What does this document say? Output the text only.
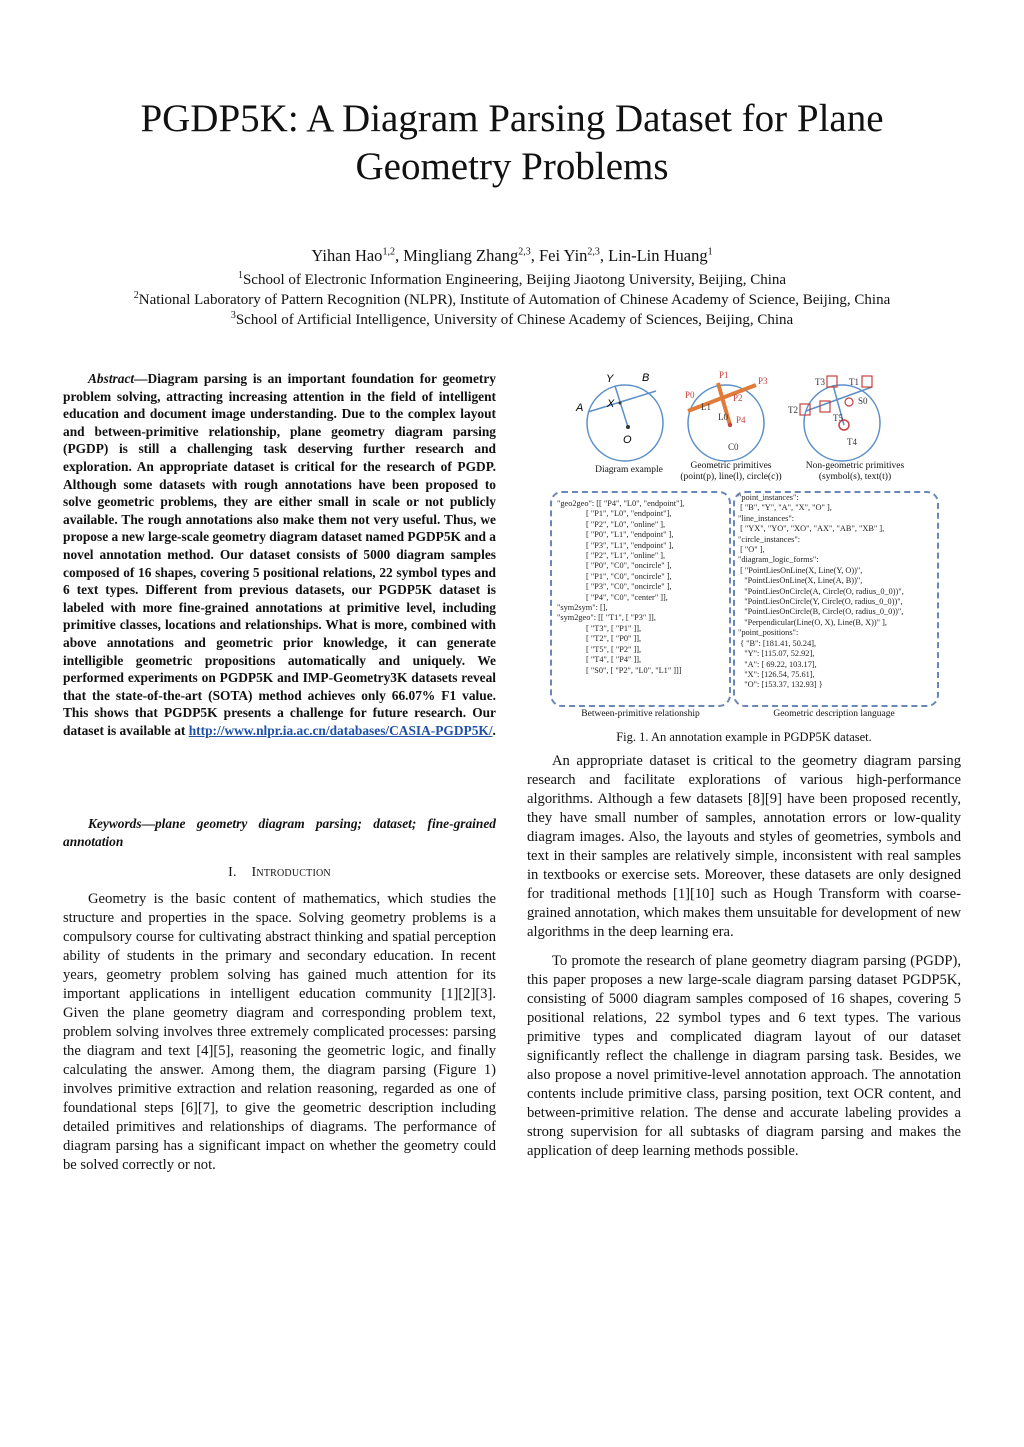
PGDP5K: A Diagram Parsing Dataset for Plane Geometry Problems
Yihan Hao$^{1,2}$, Mingliang Zhang$^{2,3}$, Fei Yin$^{2,3}$, Lin-Lin Huang$^1$
$^1$School of Electronic Information Engineering, Beijing Jiaotong University, Beijing, China
$^2$National Laboratory of Pattern Recognition (NLPR), Institute of Automation of Chinese Academy of Science, Beijing, China
$^3$School of Artificial Intelligence, University of Chinese Academy of Sciences, Beijing, China

Abstract—Diagram parsing is an important foundation for geometry problem solving, attracting increasing attention in the field of intelligent education and document image understanding. Due to the complex layout and between-primitive relationship, plane geometry diagram parsing (PGDP) is still a challenging task deserving further research and exploration. An appropriate dataset is critical for the research of PGDP. Although some datasets with rough annotations have been proposed to solve geometric problems, they are either small in scale or not publicly available. The rough annotations also make them not very useful. Thus, we propose a new large-scale geometry diagram dataset named PGDP5K and a novel annotation method. Our dataset consists of 5000 diagram samples composed of 16 shapes, covering 5 positional relations, 22 symbol types and 6 text types. Different from previous datasets, our PGDP5K dataset is labeled with more fine-grained annotations at primitive level, including primitive classes, locations and relationships. What is more, combined with above annotations and geometric prior knowledge, it can generate intelligible geometric propositions automatically and uniquely. We performed experiments on PGDP5K and IMP-Geometry3K datasets reveal that the state-of-the-art (SOTA) method achieves only 66.07% F1 value. This shows that PGDP5K presents a challenge for future research. Our dataset is available at http://www.nlpr.ia.ac.cn/databases/CASIA-PGDP5K/.

Keywords—plane geometry diagram parsing; dataset; fine-grained annotation

I. Introduction

Geometry is the basic content of mathematics, which studies the structure and properties in the space. Solving geometry problems is a compulsory course for cultivating abstract thinking and spatial perception ability of students in the primary and secondary education. In recent years, geometry problem solving has gained much attention for its important applications in intelligent education community [1][2][3]. Given the plane geometry diagram and corresponding problem text, problem solving involves three extremely complicated processes: parsing the diagram and text [4][5], reasoning the geometric logic, and finally calculating the answer. Among them, the diagram parsing (Figure 1) involves primitive extraction and relation reasoning, regarded as one of foundational steps [6][7], to give the geometric description including detailed primitives and relationships of diagrams. The performance of diagram parsing has a significant impact on whether the geometry could be solved correctly or not.

A
Y	B
X
O
P0
P1
P2
P3
P4
L0
L1
C0
T3	T1
T2
T5
S0
T4
Diagram example	Geometric primitives
(point(p), line(l), circle(c))
Non-geometric primitives
(symbol(s), text(t))
"geo2geo": [[ "P4", "L0", "endpoint"],
[ "P1", "L0", "endpoint"],
[ "P2", "L0", "online" ],
[ "P0", "L1", "endpoint" ],
[ "P3", "L1", "endpoint" ],
[ "P2", "L1", "online" ],
[ "P0", "C0", "oncircle" ],
[ "P1", "C0", "oncircle" ],
[ "P3", "C0", "oncircle" ],
[ "P4", "C0", "center" ]],
"sym2sym": [],
"sym2geo": [[ "T1", [ "P3" ]],
[ "T3", [ "P1" ]],
[ "T2", [ "P0" ]],
[ "T5", [ "P2" ]],
[ "T4", [ "P4" ]],
[ "S0", [ "P2", "L0", "L1" ]]]
"point_instances":
[ "B", "Y", "A", "X", "O" ],
"line_instances":
[ "YX", "YO", "XO", "AX", "AB", "XB" ],
"circle_instances":
[ "O" ],
"diagram_logic_forms":
[ "PointLiesOnLine(X, Line(Y, O))",
"PointLiesOnLine(X, Line(A, B))",
"PointLiesOnCircle(A, Circle(O, radius_0_0))",
"PointLiesOnCircle(Y, Circle(O, radius_0_0))",
"PointLiesOnCircle(B, Circle(O, radius_0_0))",
"Perpendicular(Line(O, X), Line(B, X))" ],
"point_positions":
{ "B": [181.41, 50.24],
"Y": [115.07, 52.92],
"A": [ 69.22, 103.17],
"X": [126.54, 75.61],
"O": [153.37, 132.93] }
Between-primitive relationship	Geometric description language
Fig. 1. An annotation example in PGDP5K dataset.

An appropriate dataset is critical to the geometry diagram parsing research and facilitate explorations of various high-performance algorithms. Although a few datasets [8][9] have been proposed recently, they have small number of samples, annotation errors or low-quality diagram images. Also, the layouts and styles of geometries, symbols and text in their samples are relatively simple, inconsistent with real samples in textbooks or exercise sets. Moreover, these datasets are only designed for traditional methods [1][10] such as Hough Transform with coarse-grained annotation, which makes them unsuitable for development of new algorithms in the deep learning era.

To promote the research of plane geometry diagram parsing (PGDP), this paper proposes a new large-scale diagram parsing dataset PGDP5K, consisting of 5000 diagram samples composed of 16 shapes, covering 5 positional relations, 22 symbol types and 6 text types. The various primitive types and complicated diagram layout of our dataset significantly reflect the challenge in diagram parsing task. Besides, we also propose a novel primitive-level annotation approach. The annotation contents include primitive class, parsing position, text OCR content, and between-primitive relation. The dense and accurate labeling provides a strong supervision for all subtasks of diagram parsing and makes the application of deep learning methods possible.
